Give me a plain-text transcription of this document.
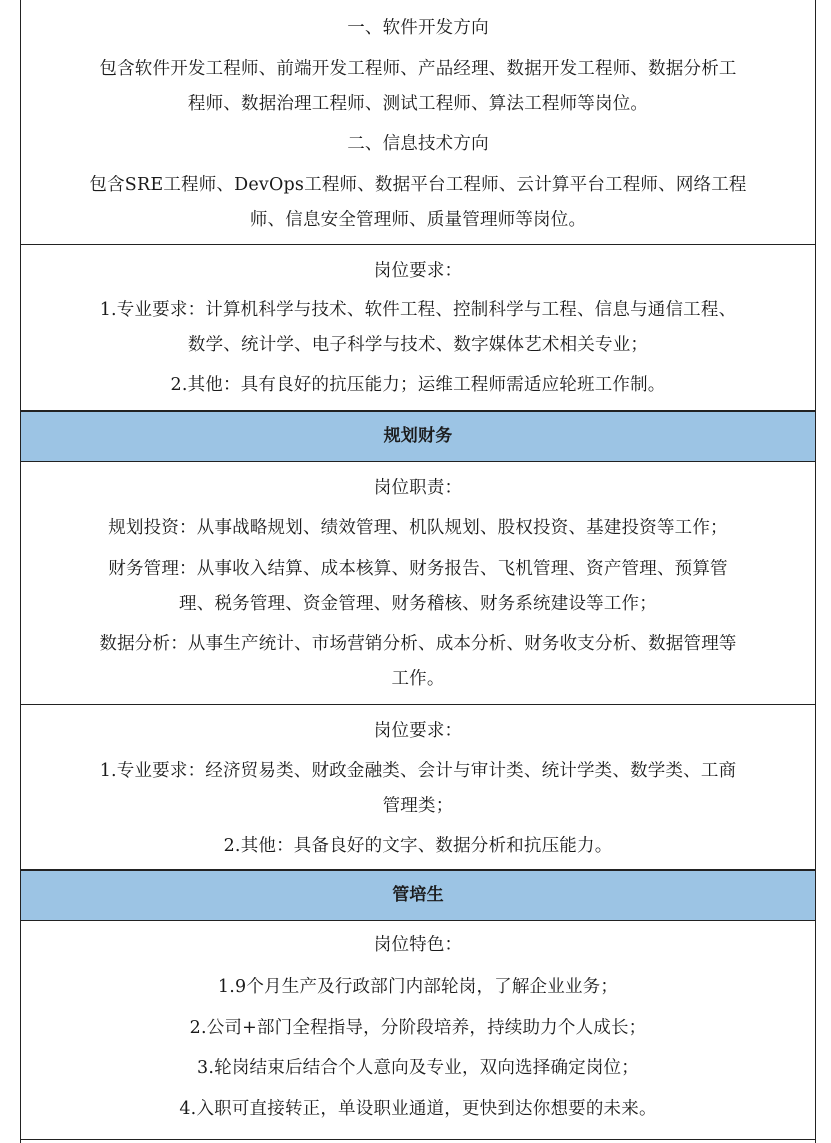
一、软件开发方向
包含软件开发工程师、前端开发工程师、产品经理、数据开发工程师、数据分析工
程师、数据治理工程师、测试工程师、算法工程师等岗位。
二、信息技术方向
包含SRE工程师、DevOps工程师、数据平台工程师、云计算平台工程师、网络工程
师、信息安全管理师、质量管理师等岗位。
岗位要求：
1.专业要求：计算机科学与技术、软件工程、控制科学与工程、信息与通信工程、
数学、统计学、电子科学与技术、数字媒体艺术相关专业；
2.其他：具有良好的抗压能力；运维工程师需适应轮班工作制。
规划财务
岗位职责：
规划投资：从事战略规划、绩效管理、机队规划、股权投资、基建投资等工作；
财务管理：从事收入结算、成本核算、财务报告、飞机管理、资产管理、预算管
理、税务管理、资金管理、财务稽核、财务系统建设等工作；
数据分析：从事生产统计、市场营销分析、成本分析、财务收支分析、数据管理等
工作。
岗位要求：
1.专业要求：经济贸易类、财政金融类、会计与审计类、统计学类、数学类、工商
管理类；
2.其他：具备良好的文字、数据分析和抗压能力。
管培生
岗位特色：
1.9个月生产及行政部门内部轮岗，了解企业业务；
2.公司+部门全程指导，分阶段培养，持续助力个人成长；
3.轮岗结束后结合个人意向及专业，双向选择确定岗位；
4.入职可直接转正，单设职业通道，更快到达你想要的未来。
